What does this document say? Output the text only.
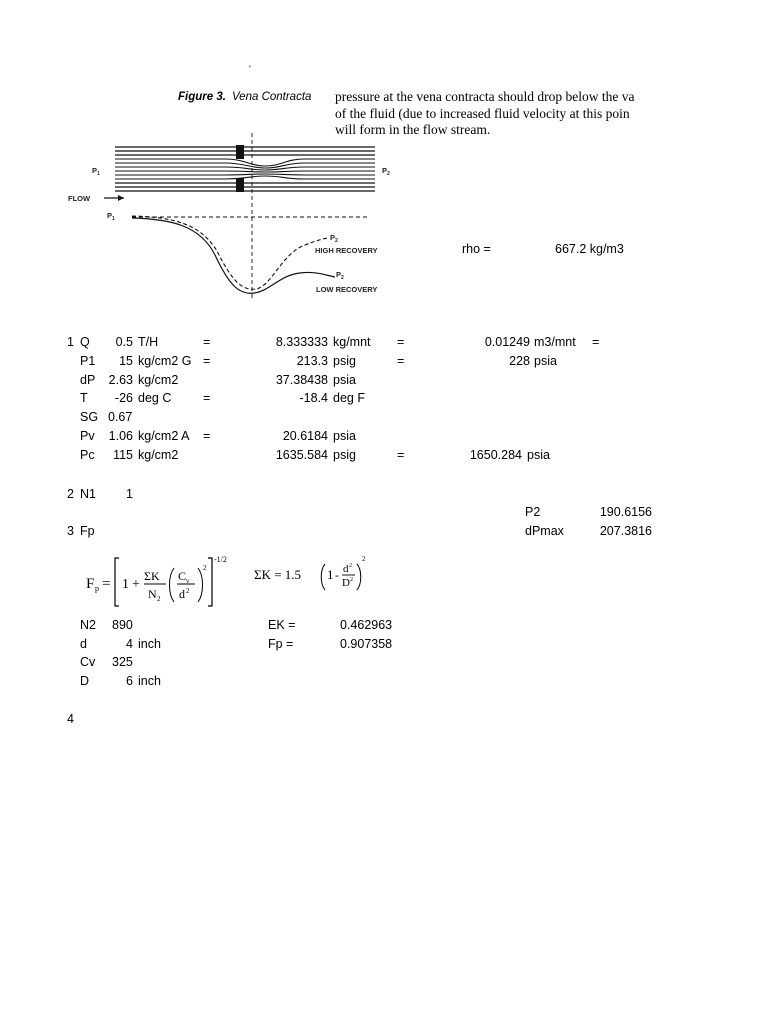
'
Figure 3. Vena Contracta pressure at the vena contracta should drop below the va
of the fluid (due to increased fluid velocity at this poin
will form in the flow stream.
$P_1$	$P_2$
FLOW
$P_1$
$P_2$
HIGH RECOVERY
$P_2$
LOW RECOVERY
rho =	667.2 kg/m3
1 Q	0.5 T/H	=	8.333333 kg/mnt =	0.01249 m3/mnt =
P1	15 kg/cm2 G =	213.3 psig	=	228 psia
dP	2.63 kg/cm2	37.38438 psia
T	-26 deg C	=	-18.4 deg F
SG 0.67
Pv	1.06 kg/cm2 A =	20.6184 psia
Pc	115 kg/cm2	1635.584 psig	=	1650.284 psia
2 N1 1
P2	190.6156
dPmax	207.3816
3 Fp
F p = 1 +
ΣK
N 2
C v
d 2
2
-1/2
ΣK = 1.5 1 - d 2
D 2
2
N2 890
d	4 inch
Cv 325
D	6 inch
EK =	0.462963
Fp =	0.907358
4
